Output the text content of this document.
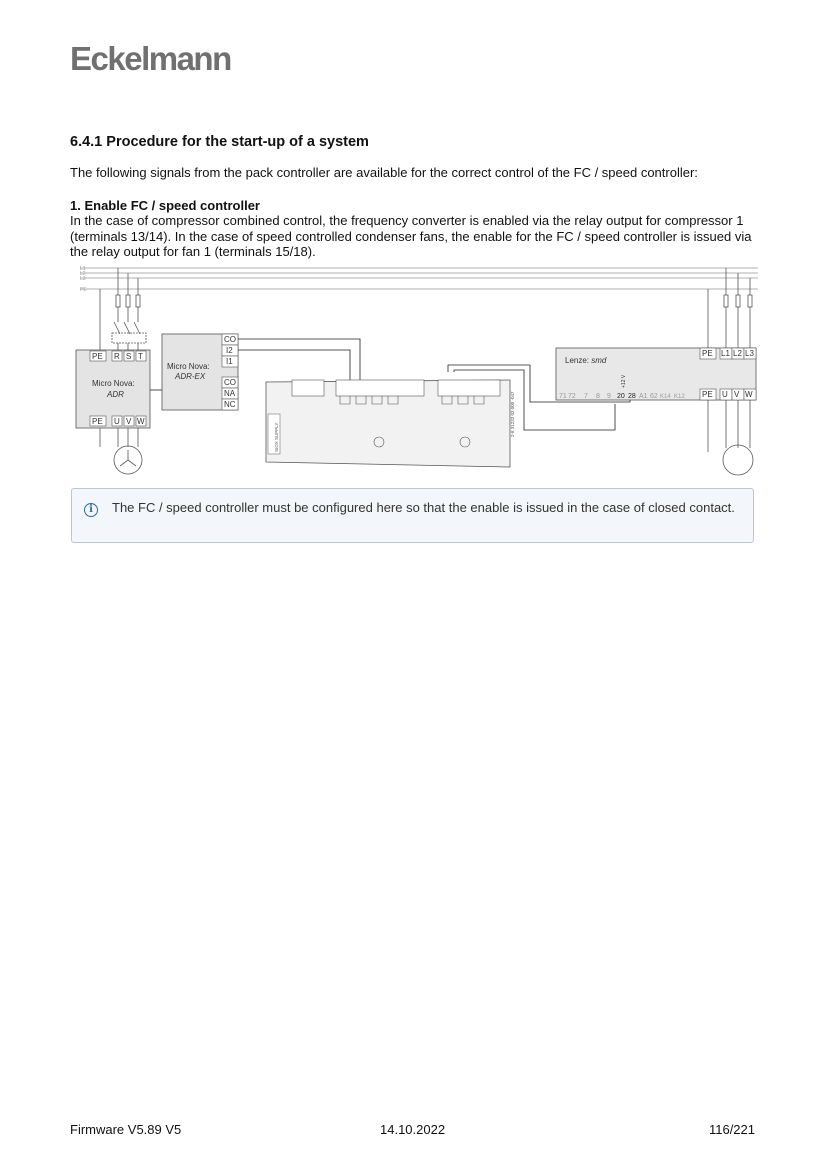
Eckelmann
6.4.1 Procedure for the start-up of a system
The following signals from the pack controller are available for the correct control of the FC / speed controller:
1. Enable FC / speed controller
In the case of compressor combined control, the frequency converter is enabled via the relay output for compressor 1 (terminals 13/14). In the case of speed controlled condenser fans, the enable for the FC / speed controller is issued via the relay output for fan 1 (terminals 15/18).
L1
L2
L3
PE
PE R S T
Micro Nova:
ADR
PE U V W
Micro Nova:
ADR-EX
CO
I2
I1
CO
NA
NC
SIOX SUPPLY
2-8 31233 02 000 -047
Lenze: smd
+12 V
71 72 7 8 9 20 28 A1 62 K14 K12
PE L1 L2 L3
PE U V W
i	The FC / speed controller must be configured here so that the enable is issued in the case of closed contact.
Firmware V5.89 V5	14.10.2022	116/221
